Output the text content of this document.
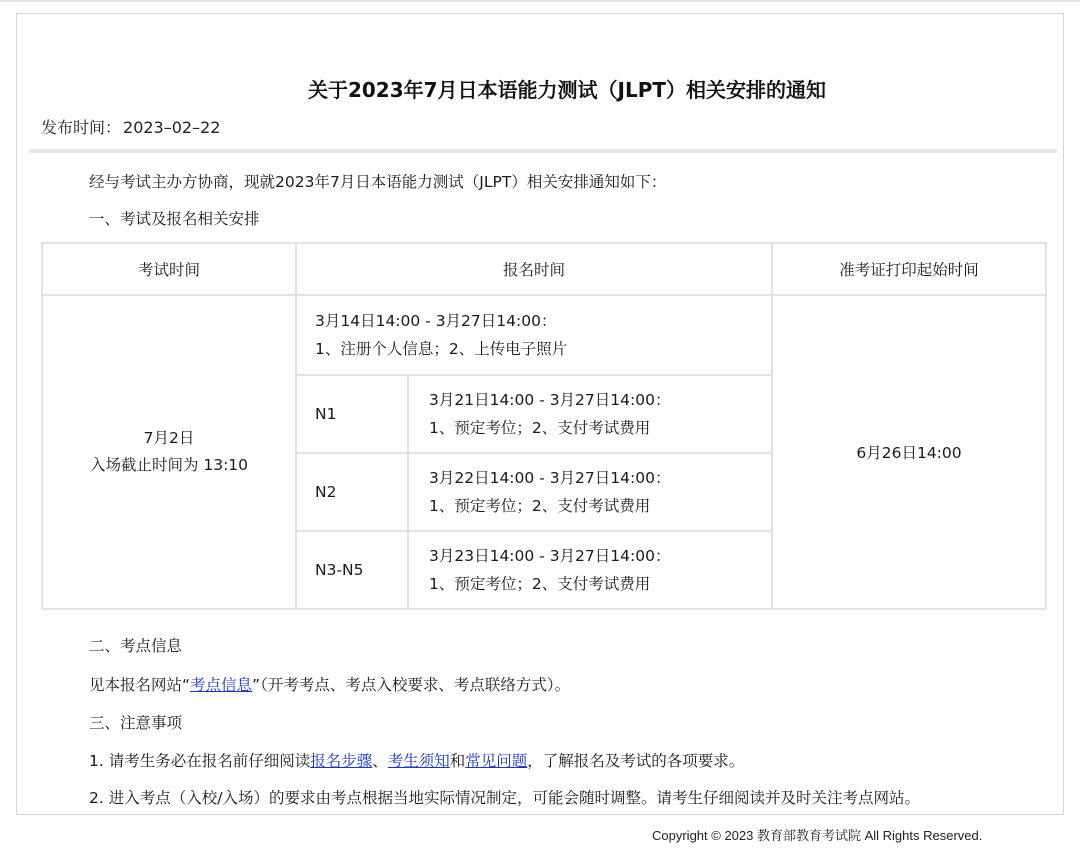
关于2023年7月日本语能力测试（JLPT）相关安排的通知
发布时间： 2023–02–22
经与考试主办方协商，现就2023年7月日本语能力测试（JLPT）相关安排通知如下：
一、考试及报名相关安排
考试时间	报名时间		准考证打印起始时间

7月2日
入场截止时间为 13:10	3月14日14:00 - 3月27日14:00：
1、注册个人信息；2、上传电子照片		6月26日14:00
	N1	3月21日14:00 - 3月27日14:00：
1、预定考位；2、支付考试费用	

	N2	3月22日14:00 - 3月27日14:00：
1、预定考位；2、支付考试费用	

	N3-N5	3月23日14:00 - 3月27日14:00：
1、预定考位；2、支付考试费用	
二、考点信息
见本报名网站“考点信息”（开考考点、考点入校要求、考点联络方式）。
三、注意事项
1. 请考生务必在报名前仔细阅读报名步骤、考生须知和常见问题，了解报名及考试的各项要求。
2. 进入考点（入校/入场）的要求由考点根据当地实际情况制定，可能会随时调整。请考生仔细阅读并及时关注考点网站。
Copyright © 2023 教育部教育考试院 All Rights Reserved.
